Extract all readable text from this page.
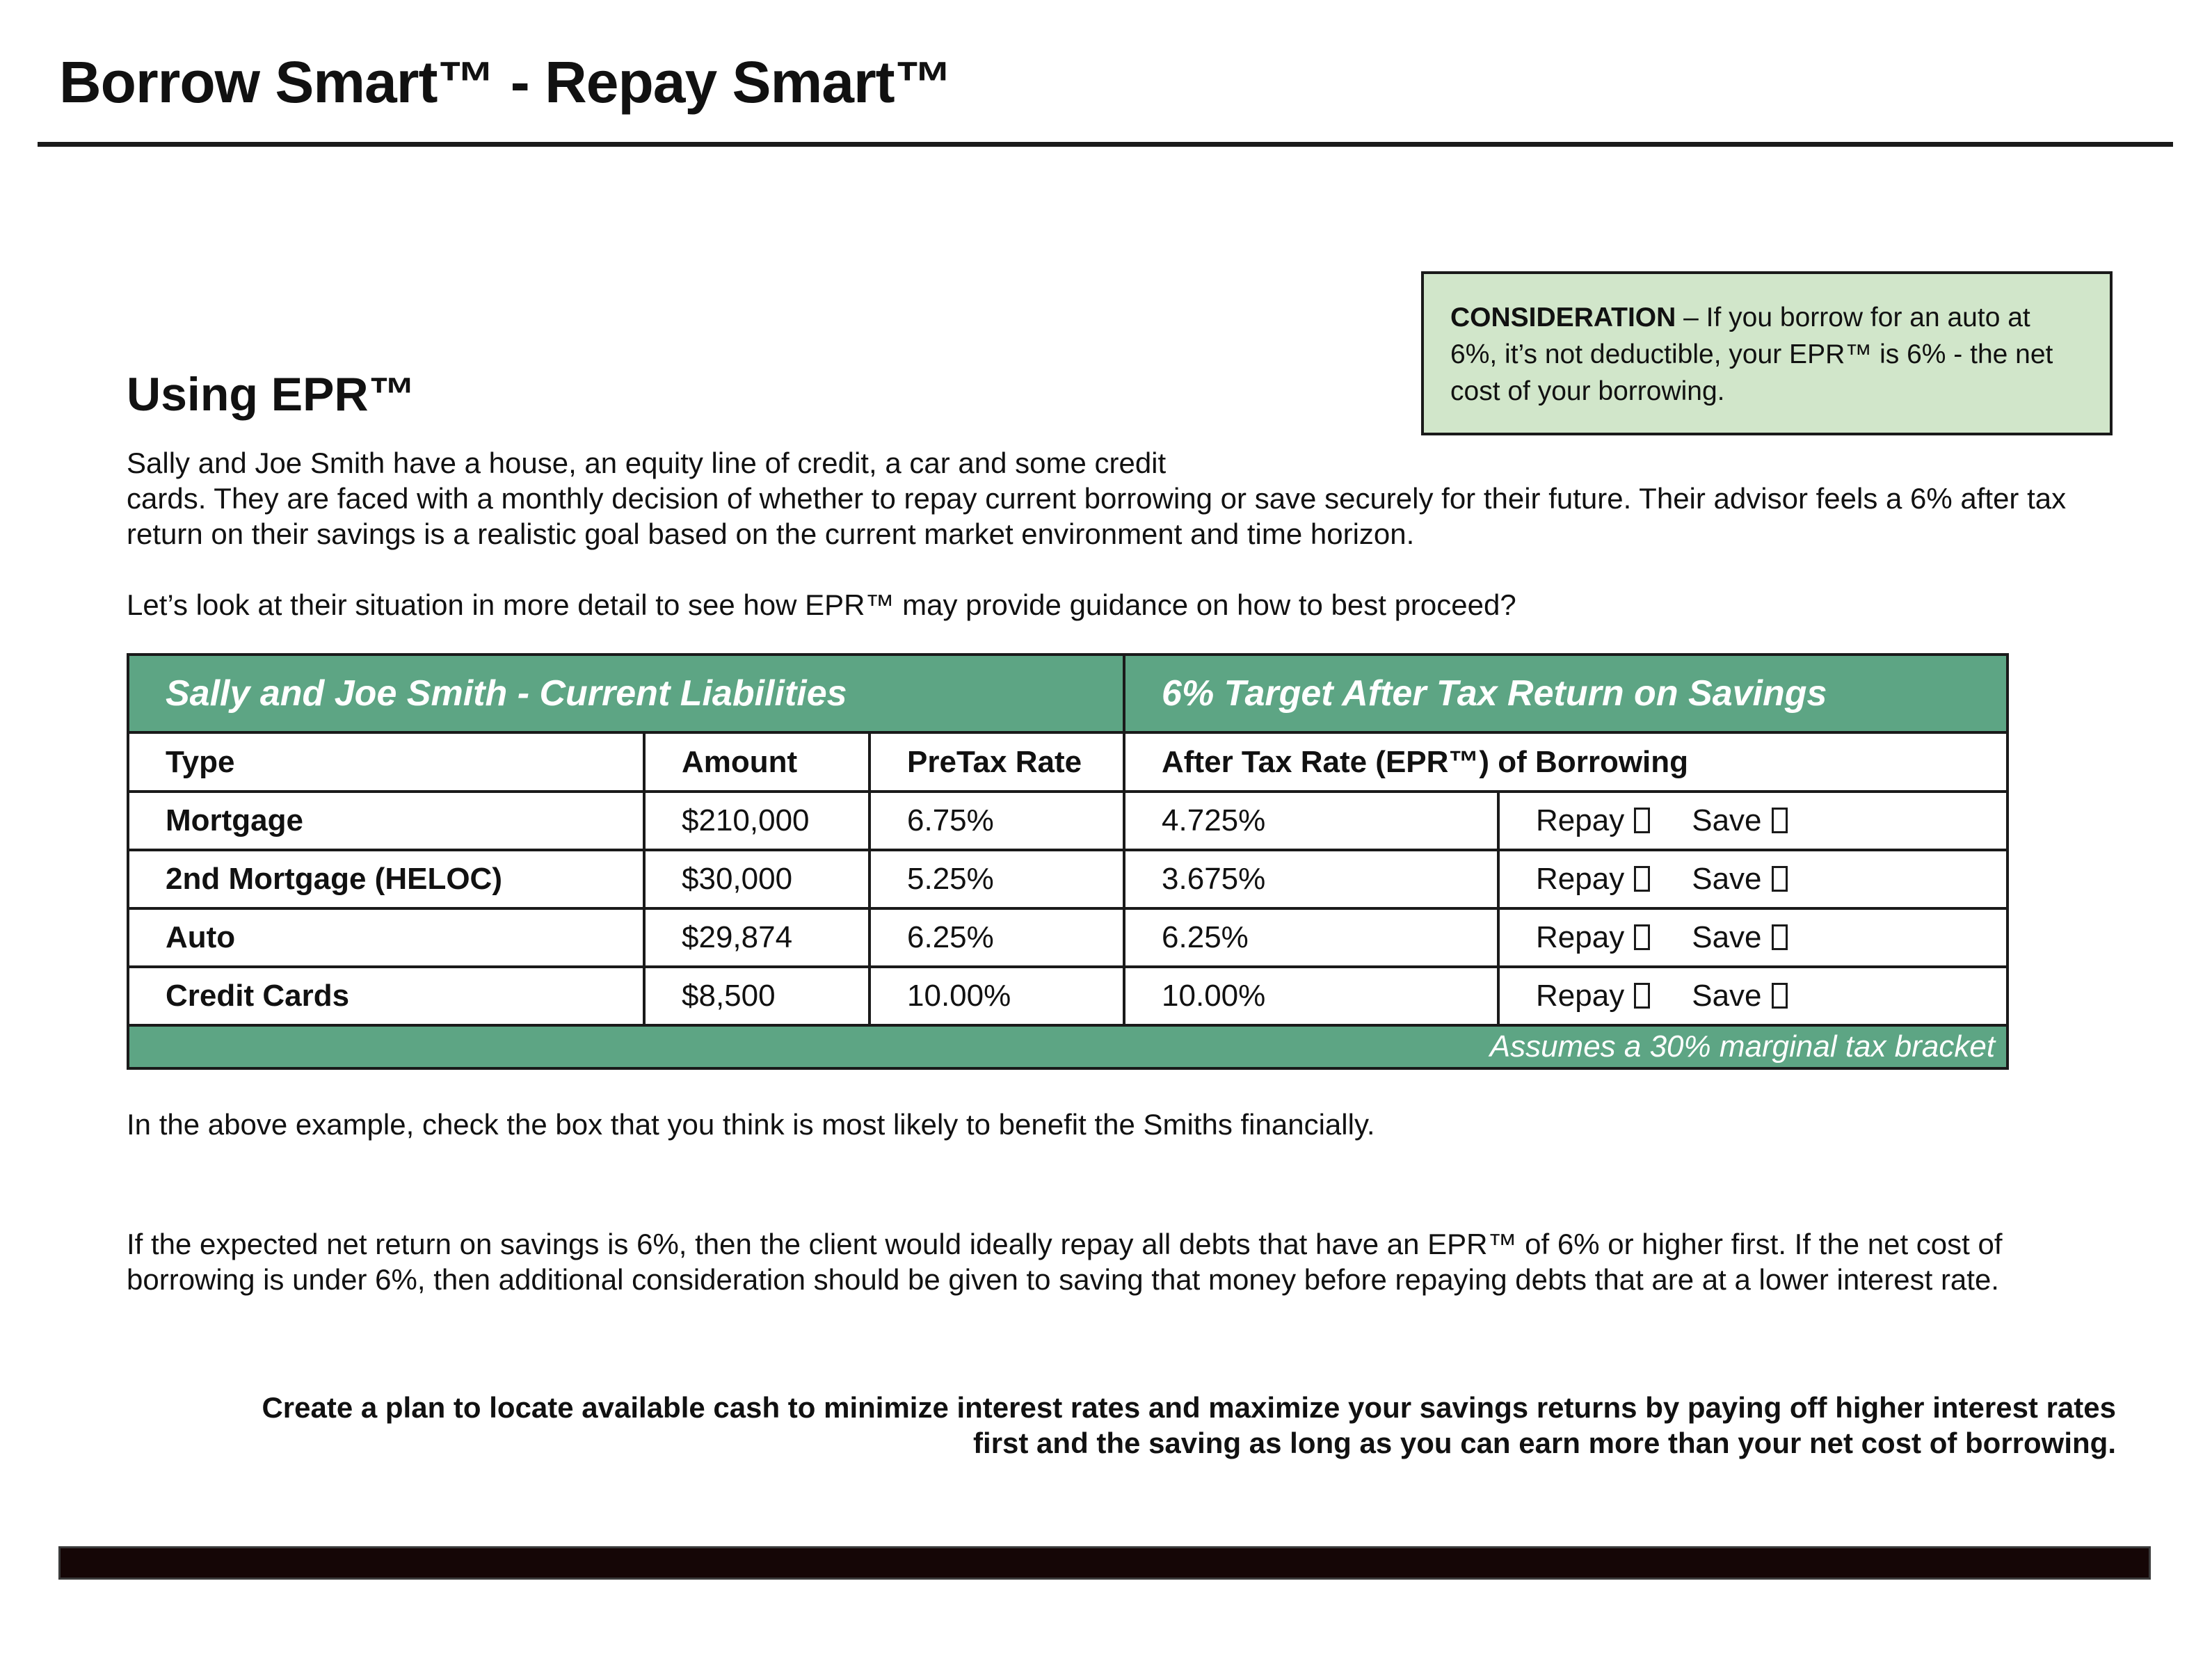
Borrow Smart™ - Repay Smart™
CONSIDERATION – If you borrow for an auto at 6%, it’s not deductible, your EPR™ is 6% - the net cost of your borrowing.
Using EPR™

Sally and Joe Smith have a house, an equity line of credit, a car and some credit
cards. They are faced with a monthly decision of whether to repay current borrowing or save securely for their future. Their advisor feels a 6% after tax return on their savings is a realistic goal based on the current market environment and time horizon.

Let’s look at their situation in more detail to see how EPR™ may provide guidance on how to best proceed?

Sally and Joe Smith - Current Liabilities			6% Target After Tax Return on Savings	
Type	Amount	PreTax Rate	After Tax Rate (EPR™) of Borrowing	
Mortgage	$210,000	6.75%	4.725%	Repay Save
2nd Mortgage (HELOC)	$30,000	5.25%	3.675%	Repay Save
Auto	$29,874	6.25%	6.25%	Repay Save
Credit Cards	$8,500	10.00%	10.00%	Repay Save
Assumes a 30% marginal tax bracket				

In the above example, check the box that you think is most likely to benefit the Smiths financially.

If the expected net return on savings is 6%, then the client would ideally repay all debts that have an EPR™ of 6% or higher first. If the net cost of borrowing is under 6%, then additional consideration should be given to saving that money before repaying debts that are at a lower interest rate.

Create a plan to locate available cash to minimize interest rates and maximize your savings returns by paying off higher interest rates first and the saving as long as you can earn more than your net cost of borrowing.
